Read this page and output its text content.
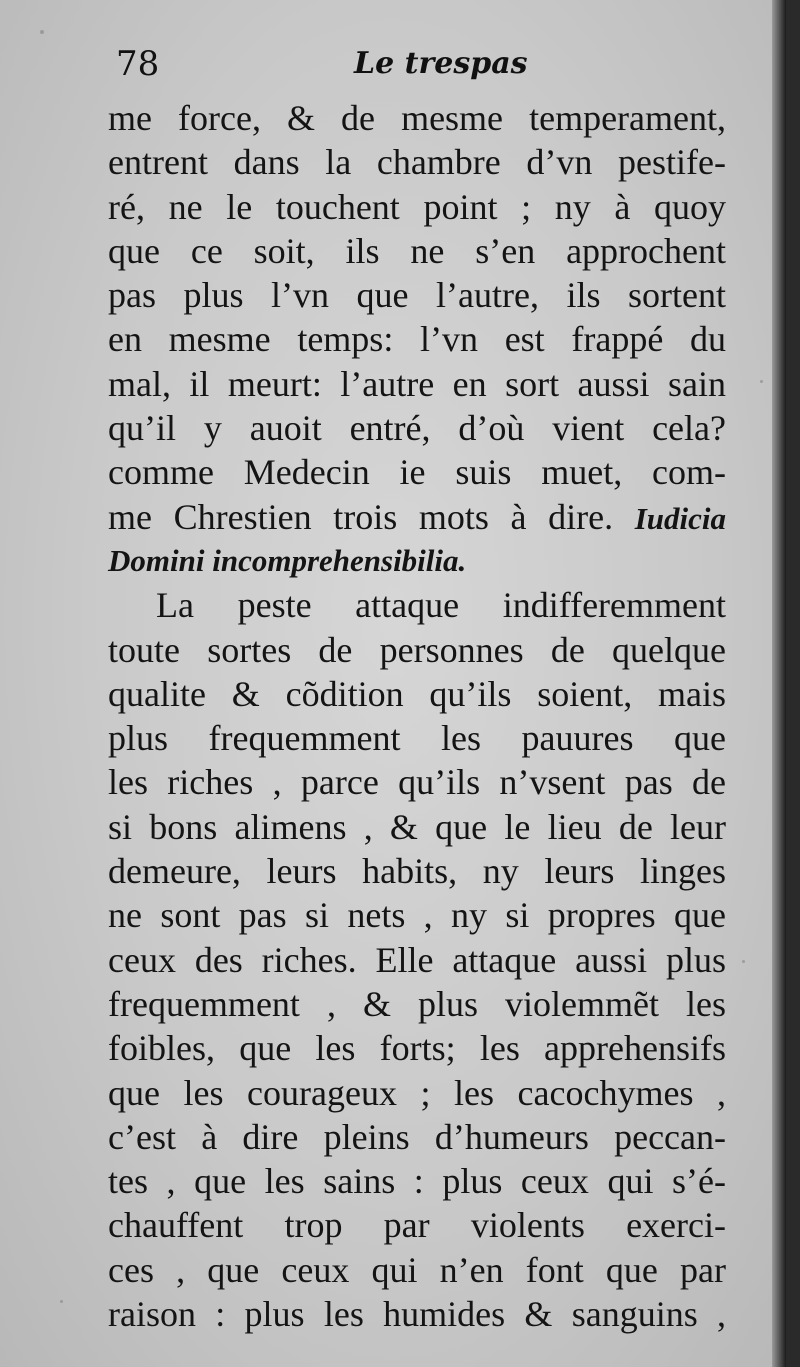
78	Le trespas
me force, & de mesme temperament,
entrent dans la chambre d’vn pestife-
ré, ne le touchent point ; ny à quoy
que ce soit, ils ne s’en approchent
pas plus l’vn que l’autre, ils sortent
en mesme temps: l’vn est frappé du
mal, il meurt: l’autre en sort aussi sain
qu’il y auoit entré, d’où vient cela?
comme Medecin ie suis muet, com-
me Chrestien trois mots à dire. Iudicia
Domini incomprehensibilia.
La peste attaque indifferemment
toute sortes de personnes de quelque
qualite & cõdition qu’ils soient, mais
plus frequemment les pauures que
les riches , parce qu’ils n’vsent pas de
si bons alimens , & que le lieu de leur
demeure, leurs habits, ny leurs linges
ne sont pas si nets , ny si propres que
ceux des riches. Elle attaque aussi plus
frequemment , & plus violemmẽt les
foibles, que les forts; les apprehensifs
que les courageux ; les cacochymes ,
c’est à dire pleins d’humeurs peccan-
tes , que les sains : plus ceux qui s’é-
chauffent trop par violents exerci-
ces , que ceux qui n’en font que par
raison : plus les humides & sanguins ,
